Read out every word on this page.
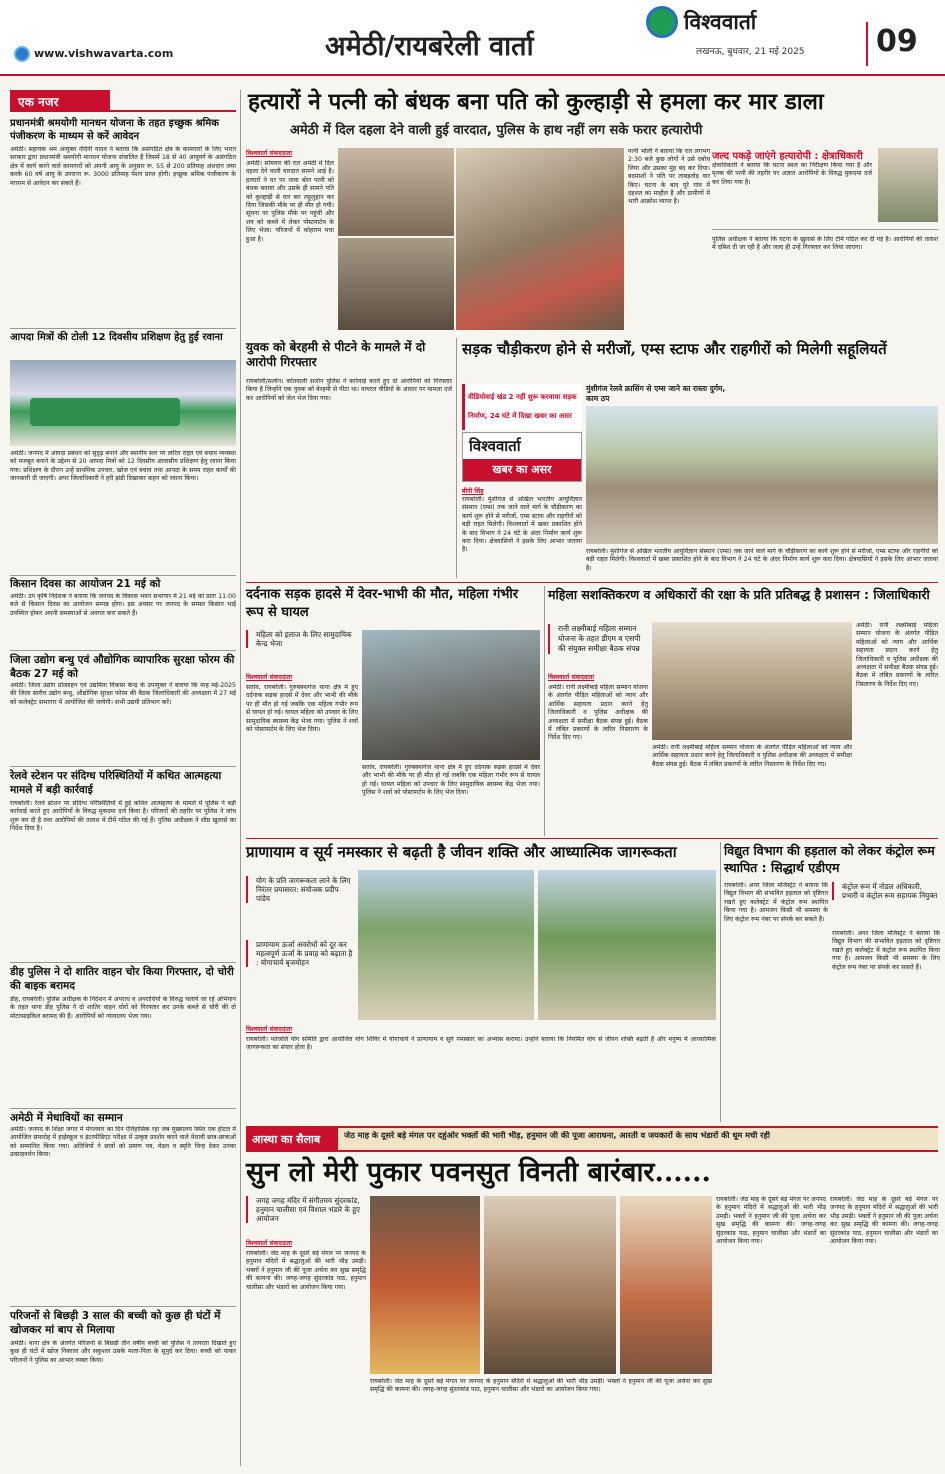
www.vishwavarta.com	अमेठी/रायबरेली वार्ता
विश्ववार्ता
लखनऊ, बुधवार, 21 मई 2025 09
एक नजर
प्रधानमंत्री श्रमयोगी मानधन योजना के तहत इच्छुक श्रमिक पंजीकरण के माध्यम से करें आवेदन
अमेठी। सहायक श्रम आयुक्त नंदिनी यादव ने बताया कि असंगठित क्षेत्र के कामगारों के लिए भारत सरकार द्वारा प्रधानमंत्री श्रमयोगी मानधन योजना संचालित है जिसमें 18 से 40 आयुवर्ग के असंगठित क्षेत्र में कार्य करने वाले कामगारों को अपनी आयु के अनुसार रू. 55 से 200 प्रतिमाह अंशदान जमा करके 60 वर्ष आयु के उपरान्त रू. 3000 प्रतिमाह पेंशन प्राप्त होगी। इच्छुक श्रमिक पंजीकरण के माध्यम से आवेदन कर सकते हैं।
आपदा मित्रों की टोली 12 दिवसीय प्रशिक्षण हेतु हुई रवाना
अमेठी। जनपद में आपदा प्रबंधन को सुदृढ़ बनाने और स्थानीय स्तर पर त्वरित राहत एवं बचाव व्यवस्था को मजबूत बनाने के उद्देश्य से 20 आपदा मित्रों को 12 दिवसीय आवासीय प्रशिक्षण हेतु रवाना किया गया। प्रशिक्षण के दौरान उन्हें प्राथमिक उपचार, खोज एवं बचाव तथा आपदा के समय राहत कार्यों की जानकारी दी जाएगी। अपर जिलाधिकारी ने हरी झंडी दिखाकर वाहन को रवाना किया।
किसान दिवस का आयोजन 21 मई को
अमेठी। उप कृषि निदेशक ने बताया कि जनपद के विकास भवन सभागार में 21 मई को प्रातः 11:00 बजे से किसान दिवस का आयोजन सम्पन्न होगा। इस अवसर पर जनपद के समस्त किसान भाई उपस्थित होकर अपनी समस्याओं से अवगत करा सकते हैं।
जिला उद्योग बन्धु एवं औद्योगिक व्यापारिक सुरक्षा फोरम की बैठक 27 मई को
अमेठी। जिला उद्योग प्रोत्साहन एवं उद्यमिता विकास केन्द्र के उपायुक्त ने बताया कि माह मई-2025 की जिला स्तरीय उद्योग बन्धु, औद्योगिक सुरक्षा फोरम की बैठक जिलाधिकारी की अध्यक्षता में 27 मई को कलेक्ट्रेट सभागार में आयोजित की जायेगी। सभी उद्यमी प्रतिभाग करें।
रेलवे स्टेशन पर संदिग्ध परिस्थितियों में कथित आत्महत्या मामले में बड़ी कार्रवाई
रायबरेली। रेलवे स्टेशन पर संदिग्ध परिस्थितियों में हुई कथित आत्महत्या के मामले में पुलिस ने बड़ी कार्रवाई करते हुए आरोपियों के विरुद्ध मुकदमा दर्ज किया है। परिजनों की तहरीर पर पुलिस ने जांच शुरू कर दी है तथा आरोपियों की तलाश में टीमें गठित की गई हैं। पुलिस अधीक्षक ने शीघ्र खुलासे का निर्देश दिया है।
डीह पुलिस ने दो शातिर वाहन चोर किया गिरफ्तार, दो चोरी की बाइक बरामद
डीह, रायबरेली। पुलिस अधीक्षक के निर्देशन में अपराध व अपराधियों के विरुद्ध चलाये जा रहे अभियान के तहत थाना डीह पुलिस ने दो शातिर वाहन चोरों को गिरफ्तार कर उनके कब्जे से चोरी की दो मोटरसाइकिल बरामद की हैं। आरोपियों को न्यायालय भेजा गया।
अमेठी में मेधावियों का सम्मान
अमेठी। जनपद के शिक्षा जगत में मंगलवार का दिन ऐतिहासिक रहा जब मुख्यालय स्थित एक होटल में आयोजित समारोह में हाईस्कूल व इंटरमीडिएट परीक्षा में उत्कृष्ट प्रदर्शन करने वाले मेधावी छात्र-छात्राओं को सम्मानित किया गया। अतिथियों ने छात्रों को प्रमाण पत्र, मेडल व स्मृति चिन्ह देकर उनका उत्साहवर्धन किया।
परिजनों से बिछड़ी 3 साल की बच्ची को कुछ ही घंटों में खोजकर मां बाप से मिलाया
अमेठी। थाना क्षेत्र के अंतर्गत परिजनों से बिछड़ी तीन वर्षीय बच्ची को पुलिस ने तत्परता दिखाते हुए कुछ ही घंटों में खोज निकाला और सकुशल उसके माता-पिता के सुपुर्द कर दिया। बच्ची को पाकर परिजनों ने पुलिस का आभार व्यक्त किया।
हत्यारों ने पत्नी को बंधक बना पति को कुल्हाड़ी से हमला कर मार डाला
अमेठी में दिल दहला देने वाली हुई वारदात, पुलिस के हाथ नहीं लग सके फरार हत्यारोपी
विश्ववार्ता संवाददाता
अमेठी। सोमवार की रात अमेठी में दिल दहला देने वाली वारदात सामने आई है। हत्यारों ने घर पर धावा बोल पत्नी को बंधक बनाया और उसके ही सामने पति को कुल्हाड़ी से वार कर लहूलुहान कर दिया जिसकी मौके पर ही मौत हो गयी। सूचना पर पुलिस मौके पर पहुंची और शव को कब्जे में लेकर पोस्टमार्टम के लिए भेजा। परिजनों में कोहराम मचा हुआ है।
पत्नी भोली ने बताया कि रात लगभग 2:30 बजे कुछ लोगों ने उसे दबोच लिया और उसका मुंह बंद कर दिया। बदमाशों ने पति पर ताबड़तोड़ वार किए। घटना के बाद पूरे गांव में दहशत का माहौल है और ग्रामीणों में भारी आक्रोश व्याप्त है।
जल्द पकड़े जाएंगे हत्यारोपी : क्षेत्राधिकारी
क्षेत्राधिकारी ने बताया कि घटना स्थल का निरीक्षण किया गया है और मृतक की पत्नी की तहरीर पर अज्ञात आरोपियों के विरुद्ध मुकदमा दर्ज कर लिया गया है।
पुलिस अधीक्षक ने बताया कि घटना के खुलासे के लिए टीमें गठित कर दी गई हैं। आरोपियों की तलाश में दबिश दी जा रही है और जल्द ही उन्हें गिरफ्तार कर लिया जाएगा।
युवक को बेरहमी से पीटने के मामले में दो आरोपी गिरफ्तार
रायबरेली/सलोन। कोतवाली सलोन पुलिस ने कार्रवाई करते हुए दो आरोपियों को गिरफ्तार किया है जिन्होंने एक युवक को बेरहमी से पीटा था। वायरल वीडियो के आधार पर मामला दर्ज कर आरोपियों को जेल भेज दिया गया।
सड़क चौड़ीकरण होने से मरीजों, एम्स स्टाफ और राहगीरों को मिलेगी सहूलियतें
वीडियोवाई खंड 2 नहीं शुरू करवाया सड़क निर्माण, 24 घंटे में दिखा खबर का असर
मुंशीगंज रेलवे क्रासिंग से एम्स जाने का रास्ता दुर्गम, काम ठप
विश्ववार्ता
खबर का असर
बीपी सिंह
रायबरेली। मुंशीगंज से अखिल भारतीय आयुर्विज्ञान संस्थान (एम्स) तक जाने वाले मार्ग के चौड़ीकरण का कार्य शुरू होने से मरीजों, एम्स स्टाफ और राहगीरों को बड़ी राहत मिलेगी। विश्ववार्ता में खबर प्रकाशित होने के बाद विभाग ने 24 घंटे के अंदर निर्माण कार्य शुरू करा दिया। क्षेत्रवासियों ने इसके लिए आभार जताया है।	रायबरेली। मुंशीगंज से अखिल भारतीय आयुर्विज्ञान संस्थान (एम्स) तक जाने वाले मार्ग के चौड़ीकरण का कार्य शुरू होने से मरीजों, एम्स स्टाफ और राहगीरों को बड़ी राहत मिलेगी। विश्ववार्ता में खबर प्रकाशित होने के बाद विभाग ने 24 घंटे के अंदर निर्माण कार्य शुरू करा दिया। क्षेत्रवासियों ने इसके लिए आभार जताया है।
दर्दनाक सड़क हादसे में देवर-भाभी की मौत, महिला गंभीर रूप से घायल
महिला को इलाज के लिए सामुदायिक केन्द्र भेजा
विश्ववार्ता संवाददाता
सतांव, रायबरेली। गुरुबक्शगंज थाना क्षेत्र में हुए दर्दनाक सड़क हादसे में देवर और भाभी की मौके पर ही मौत हो गई जबकि एक महिला गंभीर रूप से घायल हो गई। घायल महिला को उपचार के लिए सामुदायिक स्वास्थ्य केंद्र भेजा गया। पुलिस ने शवों को पोस्टमार्टम के लिए भेज दिया।
सतांव, रायबरेली। गुरुबक्शगंज थाना क्षेत्र में हुए दर्दनाक सड़क हादसे में देवर और भाभी की मौके पर ही मौत हो गई जबकि एक महिला गंभीर रूप से घायल हो गई। घायल महिला को उपचार के लिए सामुदायिक स्वास्थ्य केंद्र भेजा गया। पुलिस ने शवों को पोस्टमार्टम के लिए भेज दिया।
महिला सशक्तिकरण व अधिकारों की रक्षा के प्रति प्रतिबद्ध है प्रशासन : जिलाधिकारी
रानी लक्ष्मीबाई महिला सम्मान योजना के तहत डीएम व एसपी की संयुक्त समीक्षा बैठक संपन्न
विश्ववार्ता संवाददाता
अमेठी। रानी लक्ष्मीबाई महिला सम्मान योजना के अंतर्गत पीड़ित महिलाओं को न्याय और आर्थिक सहायता प्रदान करने हेतु जिलाधिकारी व पुलिस अधीक्षक की अध्यक्षता में समीक्षा बैठक संपन्न हुई। बैठक में लंबित प्रकरणों के त्वरित निस्तारण के निर्देश दिए गए।
अमेठी। रानी लक्ष्मीबाई महिला सम्मान योजना के अंतर्गत पीड़ित महिलाओं को न्याय और आर्थिक सहायता प्रदान करने हेतु जिलाधिकारी व पुलिस अधीक्षक की अध्यक्षता में समीक्षा बैठक संपन्न हुई। बैठक में लंबित प्रकरणों के त्वरित निस्तारण के निर्देश दिए गए।
अमेठी। रानी लक्ष्मीबाई महिला सम्मान योजना के अंतर्गत पीड़ित महिलाओं को न्याय और आर्थिक सहायता प्रदान करने हेतु जिलाधिकारी व पुलिस अधीक्षक की अध्यक्षता में समीक्षा बैठक संपन्न हुई। बैठक में लंबित प्रकरणों के त्वरित निस्तारण के निर्देश दिए गए।
प्राणायाम व सूर्य नमस्कार से बढ़ती है जीवन शक्ति और आध्यात्मिक जागरूकता
योग के प्रति जागरूकता लाने के लिए निरंतर प्रयासरत: संयोजक प्रदीप पांडेय
प्राणायाम ऊर्जा अवरोधों को दूर कर महत्वपूर्ण ऊर्जा के प्रवाह को बढ़ाता है : योगाचार्य बृजमोहन
विश्ववार्ता संवाददाता
रायबरेली। पतंजलि योग समिति द्वारा आयोजित योग शिविर में योगाचार्य ने प्राणायाम व सूर्य नमस्कार का अभ्यास कराया। उन्होंने बताया कि नियमित योग से जीवन शक्ति बढ़ती है और मनुष्य में आध्यात्मिक जागरूकता का संचार होता है।
विद्युत विभाग की हड़ताल को लेकर कंट्रोल रूम स्थापित : सिद्धार्थ एडीएम
रायबरेली। अपर जिला मजिस्ट्रेट ने बताया कि विद्युत विभाग की संभावित हड़ताल को दृष्टिगत रखते हुए कलेक्ट्रेट में कंट्रोल रूम स्थापित किया गया है। आमजन किसी भी समस्या के लिए कंट्रोल रूम नंबर पर संपर्क कर सकते हैं।
कंट्रोल रूम में नोडल अधिकारी, प्रभारी व कंट्रोल रूम सहायक नियुक्त
रायबरेली। अपर जिला मजिस्ट्रेट ने बताया कि विद्युत विभाग की संभावित हड़ताल को दृष्टिगत रखते हुए कलेक्ट्रेट में कंट्रोल रूम स्थापित किया गया है। आमजन किसी भी समस्या के लिए कंट्रोल रूम नंबर पर संपर्क कर सकते हैं।
आस्था का सैलाब	जेठ माह के दूसरे बड़े मंगल पर दहुंओर भक्तों की भारी भीड़, हनुमान जी की पूजा आराधना, आरती व जयकारों के साथ भंडारों की धूम मची रही
सुन लो मेरी पुकार पवनसुत विनती बारंबार......
जगह जगह मंदिर में संगीतमय सुंदरकांड, हनुमान चालीसा एवं विशाल भंडारे के हुए आयोजन
विश्ववार्ता संवाददाता
रायबरेली। जेठ माह के दूसरे बड़े मंगल पर जनपद के हनुमान मंदिरों में श्रद्धालुओं की भारी भीड़ उमड़ी। भक्तों ने हनुमान जी की पूजा अर्चना कर सुख समृद्धि की कामना की। जगह-जगह सुंदरकांड पाठ, हनुमान चालीसा और भंडारों का आयोजन किया गया।
रायबरेली। जेठ माह के दूसरे बड़े मंगल पर जनपद के हनुमान मंदिरों में श्रद्धालुओं की भारी भीड़ उमड़ी। भक्तों ने हनुमान जी की पूजा अर्चना कर सुख समृद्धि की कामना की। जगह-जगह सुंदरकांड पाठ, हनुमान चालीसा और भंडारों का आयोजन किया गया।
रायबरेली। जेठ माह के दूसरे बड़े मंगल पर जनपद के हनुमान मंदिरों में श्रद्धालुओं की भारी भीड़ उमड़ी। भक्तों ने हनुमान जी की पूजा अर्चना कर सुख समृद्धि की कामना की। जगह-जगह सुंदरकांड पाठ, हनुमान चालीसा और भंडारों का आयोजन किया गया।
रायबरेली। जेठ माह के दूसरे बड़े मंगल पर जनपद के हनुमान मंदिरों में श्रद्धालुओं की भारी भीड़ उमड़ी। भक्तों ने हनुमान जी की पूजा अर्चना कर सुख समृद्धि की कामना की। जगह-जगह सुंदरकांड पाठ, हनुमान चालीसा और भंडारों का आयोजन किया गया।
